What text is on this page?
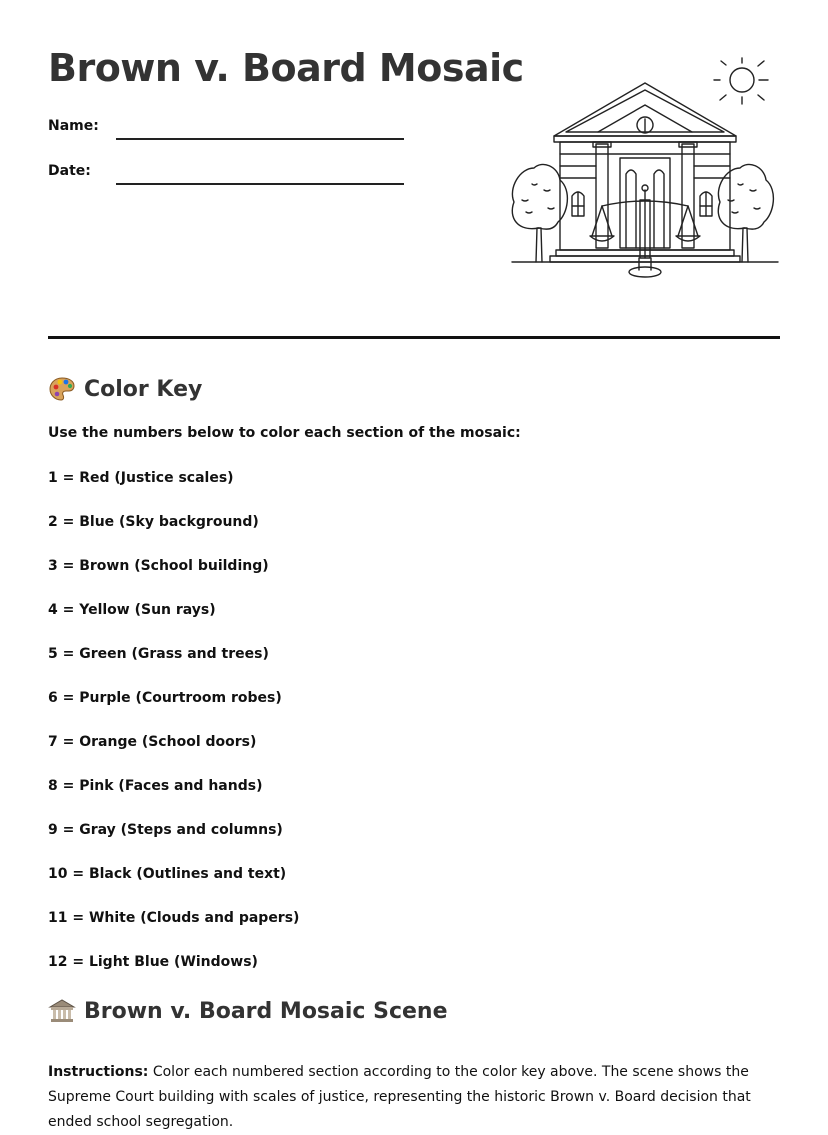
Brown v. Board Mosaic
Name:
Date:
Color Key
Use the numbers below to color each section of the mosaic:
1 = Red (Justice scales)
2 = Blue (Sky background)
3 = Brown (School building)
4 = Yellow (Sun rays)
5 = Green (Grass and trees)
6 = Purple (Courtroom robes)
7 = Orange (School doors)
8 = Pink (Faces and hands)
9 = Gray (Steps and columns)
10 = Black (Outlines and text)
11 = White (Clouds and papers)
12 = Light Blue (Windows)
Brown v. Board Mosaic Scene

Instructions: Color each numbered section according to the color key above. The scene shows the Supreme Court building with scales of justice, representing the historic Brown v. Board decision that ended school segregation.
